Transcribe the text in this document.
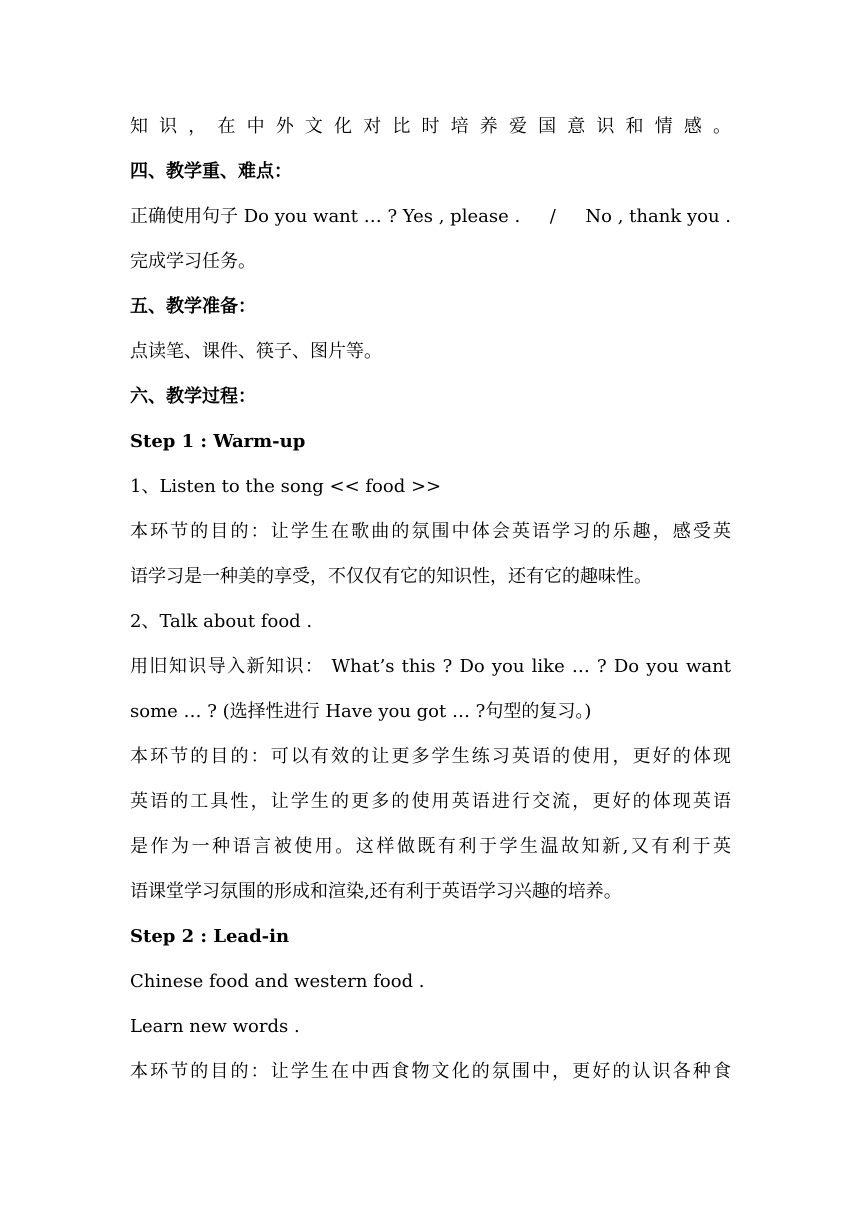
知识，在中外文化对比时培养爱国意识和情感。

四、教学重、难点：

正确使用句子 Do you want … ? Yes , please . / No , thank you .

完成学习任务。

五、教学准备：

点读笔、课件、筷子、图片等。

六、教学过程：

Step 1 : Warm-up

1、Listen to the song << food >>

本环节的目的：让学生在歌曲的氛围中体会英语学习的乐趣，感受英

语学习是一种美的享受，不仅仅有它的知识性，还有它的趣味性。

2、Talk about food .

用旧知识导入新知识： What’s this ? Do you like … ? Do you want

some … ? (选择性进行 Have you got … ?句型的复习。)

本环节的目的：可以有效的让更多学生练习英语的使用，更好的体现

英语的工具性，让学生的更多的使用英语进行交流，更好的体现英语

是作为一种语言被使用。这样做既有利于学生温故知新,又有利于英

语课堂学习氛围的形成和渲染,还有利于英语学习兴趣的培养。

Step 2 : Lead-in

Chinese food and western food .

Learn new words .

本环节的目的：让学生在中西食物文化的氛围中，更好的认识各种食
